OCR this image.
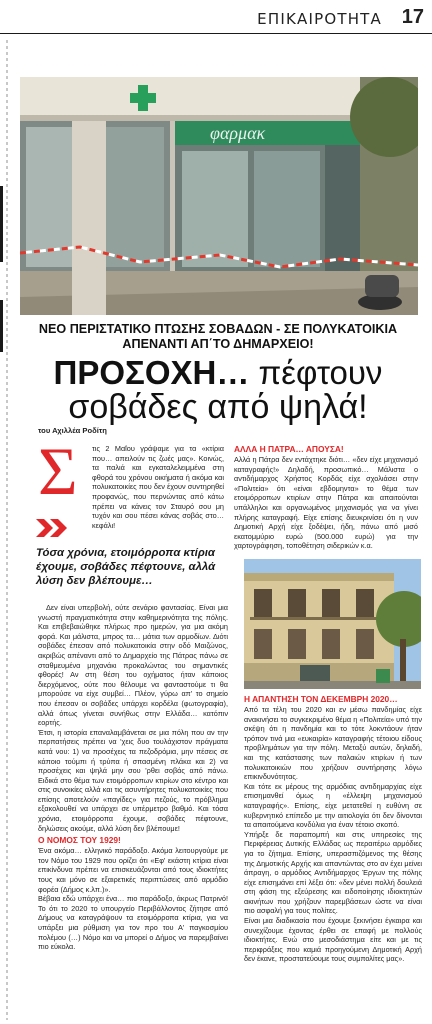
ΕΠΙΚΑΙΡΟΤΗΤΑ 17
φαρμακ
ΝΕΟ ΠΕΡΙΣΤΑΤΙΚΟ ΠΤΩΣΗΣ ΣΟΒΑΔΩΝ - ΣΕ ΠΟΛΥΚΑΤΟΙΚΙΑ ΑΠΕΝΑΝΤΙ ΑΠ΄ΤΟ ΔΗΜΑΡΧΕΙΟ!
ΠΡΟΣΟΧΗ… πέφτουν
σοβάδες από ψηλά!
του Αχιλλέα Ροδίτη
Σ	τις 2 Μαΐου γράψαμε για τα «κτίρια που… απειλούν τις ζωές μας». Κοινώς, τα παλιά και εγκαταλελειμμένα στη φθορά του χρόνου οικήματα ή ακόμα και πολυκατοικίες που δεν έχουν συντηρηθεί προφανώς, που περνώντας από κάτω πρέπει να κάνεις τον Σταυρό σου μη τυχόν και σου πέσει κάνας σοβάς στο… κεφάλι!

Τόσα χρόνια, ετοιμόρροπα κτίρια έχουμε, σοβάδες πέφτουνε, αλλά λύση δεν βλέπουμε…

Δεν είναι υπερβολή, ούτε σενάριο φαντασίας. Είναι μια γνωστή πραγματικότητα στην καθημερινότητα της πόλης. Και επιβεβαιώθηκε πλήρως προ ημερών, για μια ακόμη φορά. Και μάλιστα, μπρος τα… μάτια των αρμοδίων. Διότι σοβάδες έπεσαν από πολυκατοικία στην οδό Μαιζώνος, ακριβώς απέναντι από το Δημαρχείο της Πάτρας πάνω σε σταθμευμένα μηχανάκι προκαλώντας του σημαντικές φθορές! Αν στη θέση του οχήματος ήταν κάποιος διερχόμενος, ούτε που θέλουμε να φανταστούμε τι θα μπορούσε να είχε συμβεί… Πλέον, γύρω απ' το σημείο που έπεσαν οι σοβάδες υπάρχει κορδέλα (φωτογραφία), αλλά όπως γίνεται συνήθως στην Ελλάδα… κατόπιν εορτής.

Έτσι, η ιστορία επαναλαμβάνεται σε μια πόλη που αν την περπατήσεις πρέπει να 'χεις δυο τουλάχιστον πράγματα κατά νου: 1) να προσέχεις τα πεζοδρόμια, μην πέσεις σε κάποιο τούμπι ή τρύπα ή σπασμένη πλάκα και 2) να προσέχεις και ψηλά μην σου 'ρθει σοβάς από πάνω. Ειδικά στο θέμα των ετοιμόρροπων κτιρίων στο κέντρο και στις συνοικίες αλλά και τις ασυντήρητες πολυκατοικίες που επίσης αποτελούν «παγίδες» για πεζούς, το πρόβλημα εξακολουθεί να υπάρχει σε υπέρμετρο βαθμό. Και τόσα χρόνια, ετοιμόρροπα έχουμε, σοβάδες πέφτουνε, δηλώσεις ακούμε, αλλά λύση δεν βλέπουμε!

Ο ΝΟΜΟΣ ΤΟΥ 1929!

Ένα ακόμα… ελληνικό παράδοξο. Ακόμα λειτουργούμε με τον Νόμο του 1929 που ορίζει ότι «Εφ' εκάστη κτίρια είναι επικίνδυνα πρέπει να επισκευάζονται από τους ιδιοκτήτες τους και μόνο σε εξαιρετικές περιπτώσεις από αρμόδιο φορέα (Δήμος κ.λπ.)».

Βέβαια εδώ υπάρχει ένα… πιο παράδοξο, άκρως Πατρινό! Το ότι το 2020 το υπουργείο Περιβάλλοντος ζήτησε από Δήμους να καταγράψουν τα ετοιμόρροπα κτίρια, για να υπάρξει μια ρύθμιση για τον προ του Α' παγκοσμίου πολέμου (…) Νόμο και να μπορεί ο Δήμος να παρεμβαίνει πιο εύκολα.

ΑΛΛΑ Η ΠΑΤΡΑ… ΑΠΟΥΣΑ!

Αλλά η Πάτρα δεν εντάχτηκε διότι… «δεν είχε μηχανισμό καταγραφής!» Δηλαδή, προσωπικό… Μάλιστα ο αντιδήμαρχος Χρήστος Κορδάς είχε σχολιάσει στην «Πολιτεία» ότι «είναι εβδομηντα» το θέμα των ετοιμόρροπων κτιρίων στην Πάτρα και απαιτούνται υπάλληλοι και οργανωμένος μηχανισμός για να γίνει πλήρης καταγραφή. Είχε επίσης διευκρινίσει ότι η νυν Δημοτική Αρχή είχε ξοδέψει, ήδη, πάνω από μισό εκατομμύριο ευρώ (500.000 ευρώ) για την χαρτογράφηση, τοποθέτηση σιδερικών κ.α.

Η ΑΠΑΝΤΗΣΗ ΤΟΝ ΔΕΚΕΜΒΡΗ 2020…

Από τα τέλη του 2020 και εν μέσω πανδημίας είχε ανακινήσει το συγκεκριμένο θέμα η «Πολιτεία» υπό την σκέψη ότι η πανδημία και το τότε λοκντάουν ήταν τρόπον τινά μια «ευκαιρία» καταγραφής τέτοιου είδους προβλημάτων για την πόλη. Μεταξύ αυτών, δηλαδή, και της κατάστασης των παλαιών κτιρίων ή των πολυκατοικιών που χρήζουν συντήρησης λόγω επικινδυνότητας.

Και τότε εκ μέρους της αρμόδιας αντιδημαρχίας είχε επισημανθεί όμως η «έλλειψη μηχανισμού καταγραφής». Επίσης, είχε μετατεθεί η ευθύνη σε κυβερνητικό επίπεδο με την αιτιολογία ότι δεν δίνονται τα απαιτούμενα κονδύλια για έναν τέτοιο σκοπό.

Υπήρξε δε παραπομπή και στις υπηρεσίες της Περιφέρειας Δυτικής Ελλάδας ως περαιτέρω αρμόδιες για το ζήτημα. Επίσης, υπερασπιζόμενος της θέσης της Δημοτικής Αρχής και απαντώντας στο αν έχει μείνει άπραγη, ο αρμόδιος Αντιδήμαρχος Έργων της πόλης είχε επισημάνει επί λέξει ότι: «δεν μένει πολλή δουλειά στη φάση της εξεύρεσης και ειδοποίησης ιδιοκτητών ακινήτων που χρήζουν παρεμβάσεων ώστε να είναι πιο ασφαλή για τους πολίτες.

Είναι μια διαδικασία που έχουμε ξεκινήσει έγκαιρα και συνεχίζουμε έχοντας έρθει σε επαφή με πολλούς ιδιοκτήτες. Ενώ στο μεσοδιάστημα είτε και με τις περιφράξεις που καμιά προηγούμενη Δημοτική Αρχή δεν έκανε, προστατεύουμε τους συμπολίτες μας».
